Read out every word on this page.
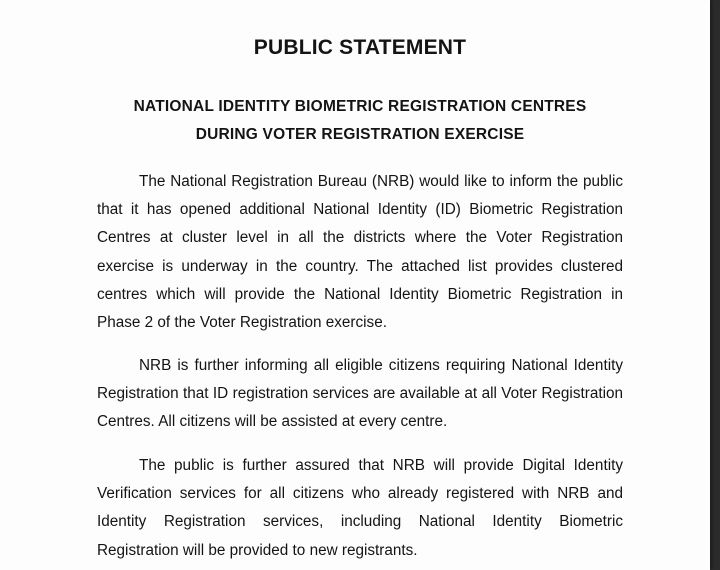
PUBLIC STATEMENT
NATIONAL IDENTITY BIOMETRIC REGISTRATION CENTRES
DURING VOTER REGISTRATION EXERCISE

The National Registration Bureau (NRB) would like to inform the public that it has opened additional National Identity (ID) Biometric Registration Centres at cluster level in all the districts where the Voter Registration exercise is underway in the country. The attached list provides clustered centres which will provide the National Identity Biometric Registration in Phase 2 of the Voter Registration exercise.

NRB is further informing all eligible citizens requiring National Identity Registration that ID registration services are available at all Voter Registration Centres. All citizens will be assisted at every centre.

The public is further assured that NRB will provide Digital Identity Verification services for all citizens who already registered with NRB and Identity Registration services, including National Identity Biometric Registration will be provided to new registrants.
